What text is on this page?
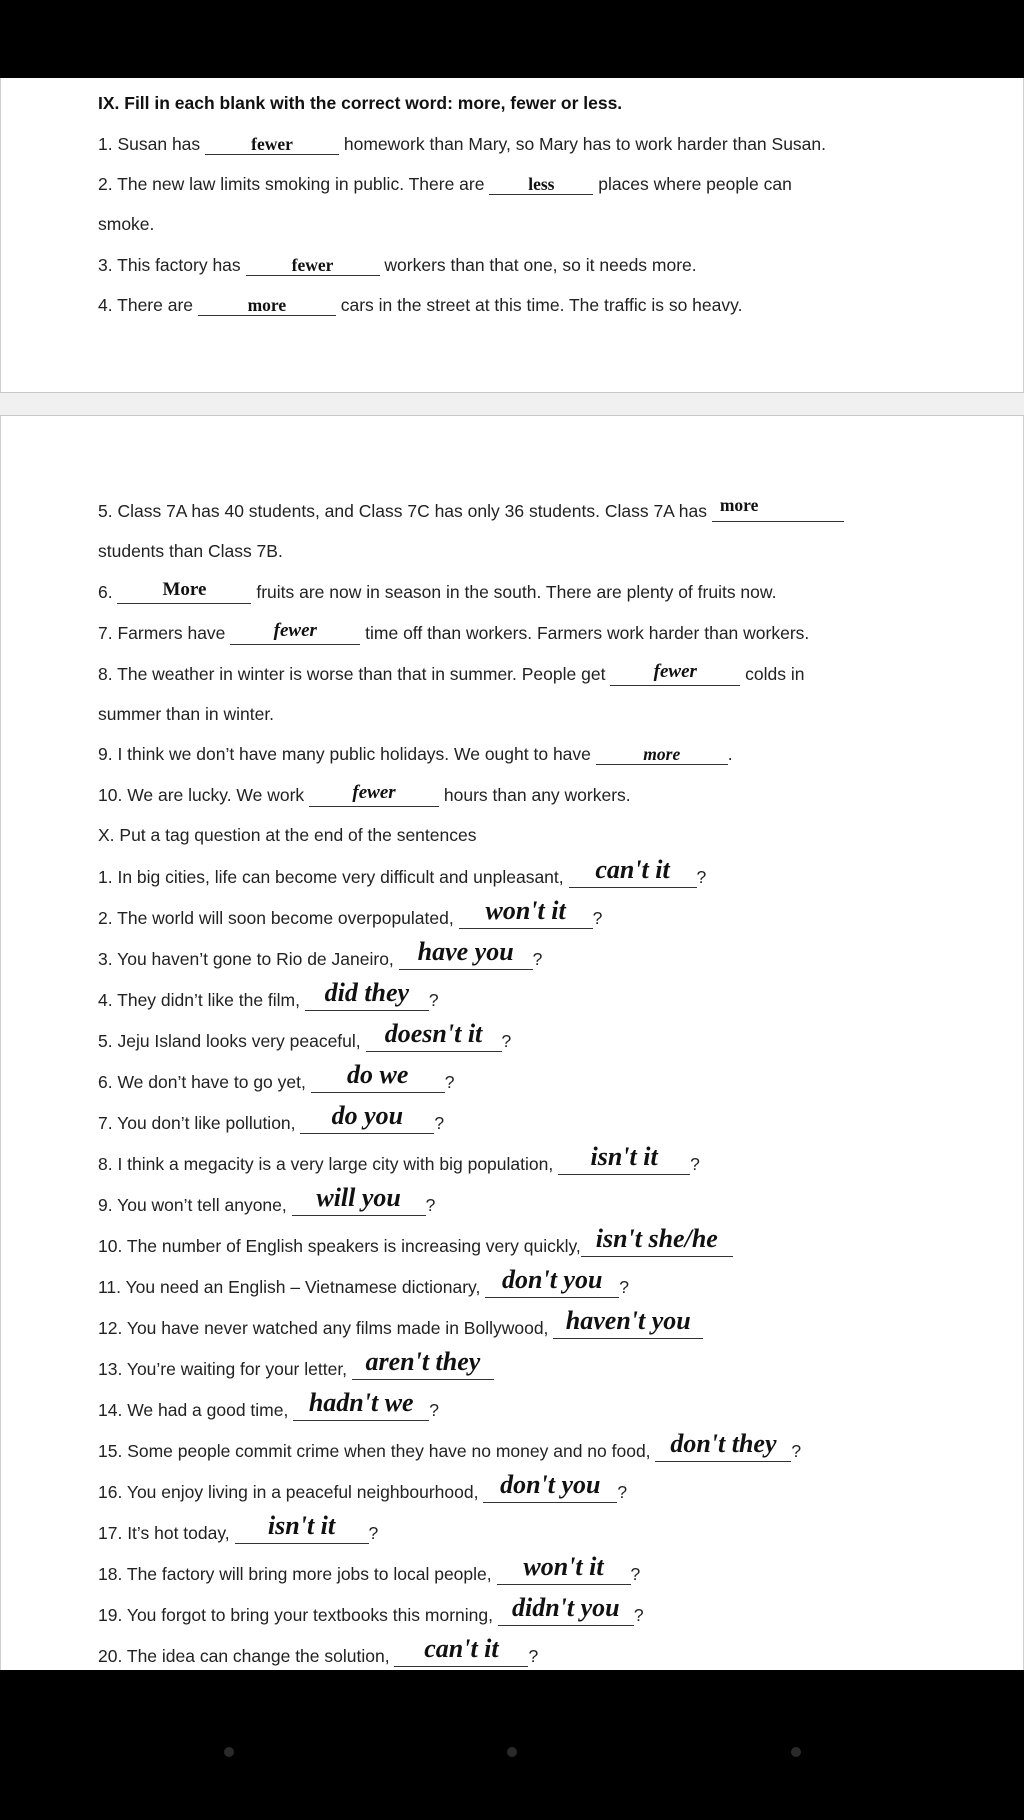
IX. Fill in each blank with the correct word: more, fewer or less.
1. Susan has	fewer	homework than Mary, so Mary has to work harder than Susan.
2. The new law limits smoking in public. There are less places where people can
smoke.
3. This factory has	fewer	workers than that one, so it needs more.
4. There are	more	cars in the street at this time. The traffic is so heavy.
5. Class 7A has 40 students, and Class 7C has only 36 students. Class 7A has more
students than Class 7B.
6. More	fruits are now in season in the south. There are plenty of fruits now.
7. Farmers have fewer time off than workers. Farmers work harder than workers.
8. The weather in winter is worse than that in summer. People get fewer colds in
summer than in winter.
9. I think we don’t have many public holidays. We ought to have	more	.
10. We are lucky. We work fewer hours than any workers.
X. Put a tag question at the end of the sentences
1. In big cities, life can become very difficult and unpleasant, can't it ?
2. The world will soon become overpopulated, won't it ?
3. You haven’t gone to Rio de Janeiro, have you ?
4. They didn’t like the film, did they ?
5. Jeju Island looks very peaceful, doesn't it ?
6. We don’t have to go yet, do we ?
7. You don’t like pollution, do you ?
8. I think a megacity is a very large city with big population, isn't it ?
9. You won’t tell anyone, will you ?
10. The number of English speakers is increasing very quickly, isn't she/he
11. You need an English – Vietnamese dictionary, don't you ?
12. You have never watched any films made in Bollywood, haven't you
13. You’re waiting for your letter, aren't they
14. We had a good time, hadn't we ?
15. Some people commit crime when they have no money and no food, don't they ?
16. You enjoy living in a peaceful neighbourhood, don't you ?
17. It’s hot today, isn't it ?
18. The factory will bring more jobs to local people, won't it ?
19. You forgot to bring your textbooks this morning, didn't you ?
20. The idea can change the solution, can't it ?
